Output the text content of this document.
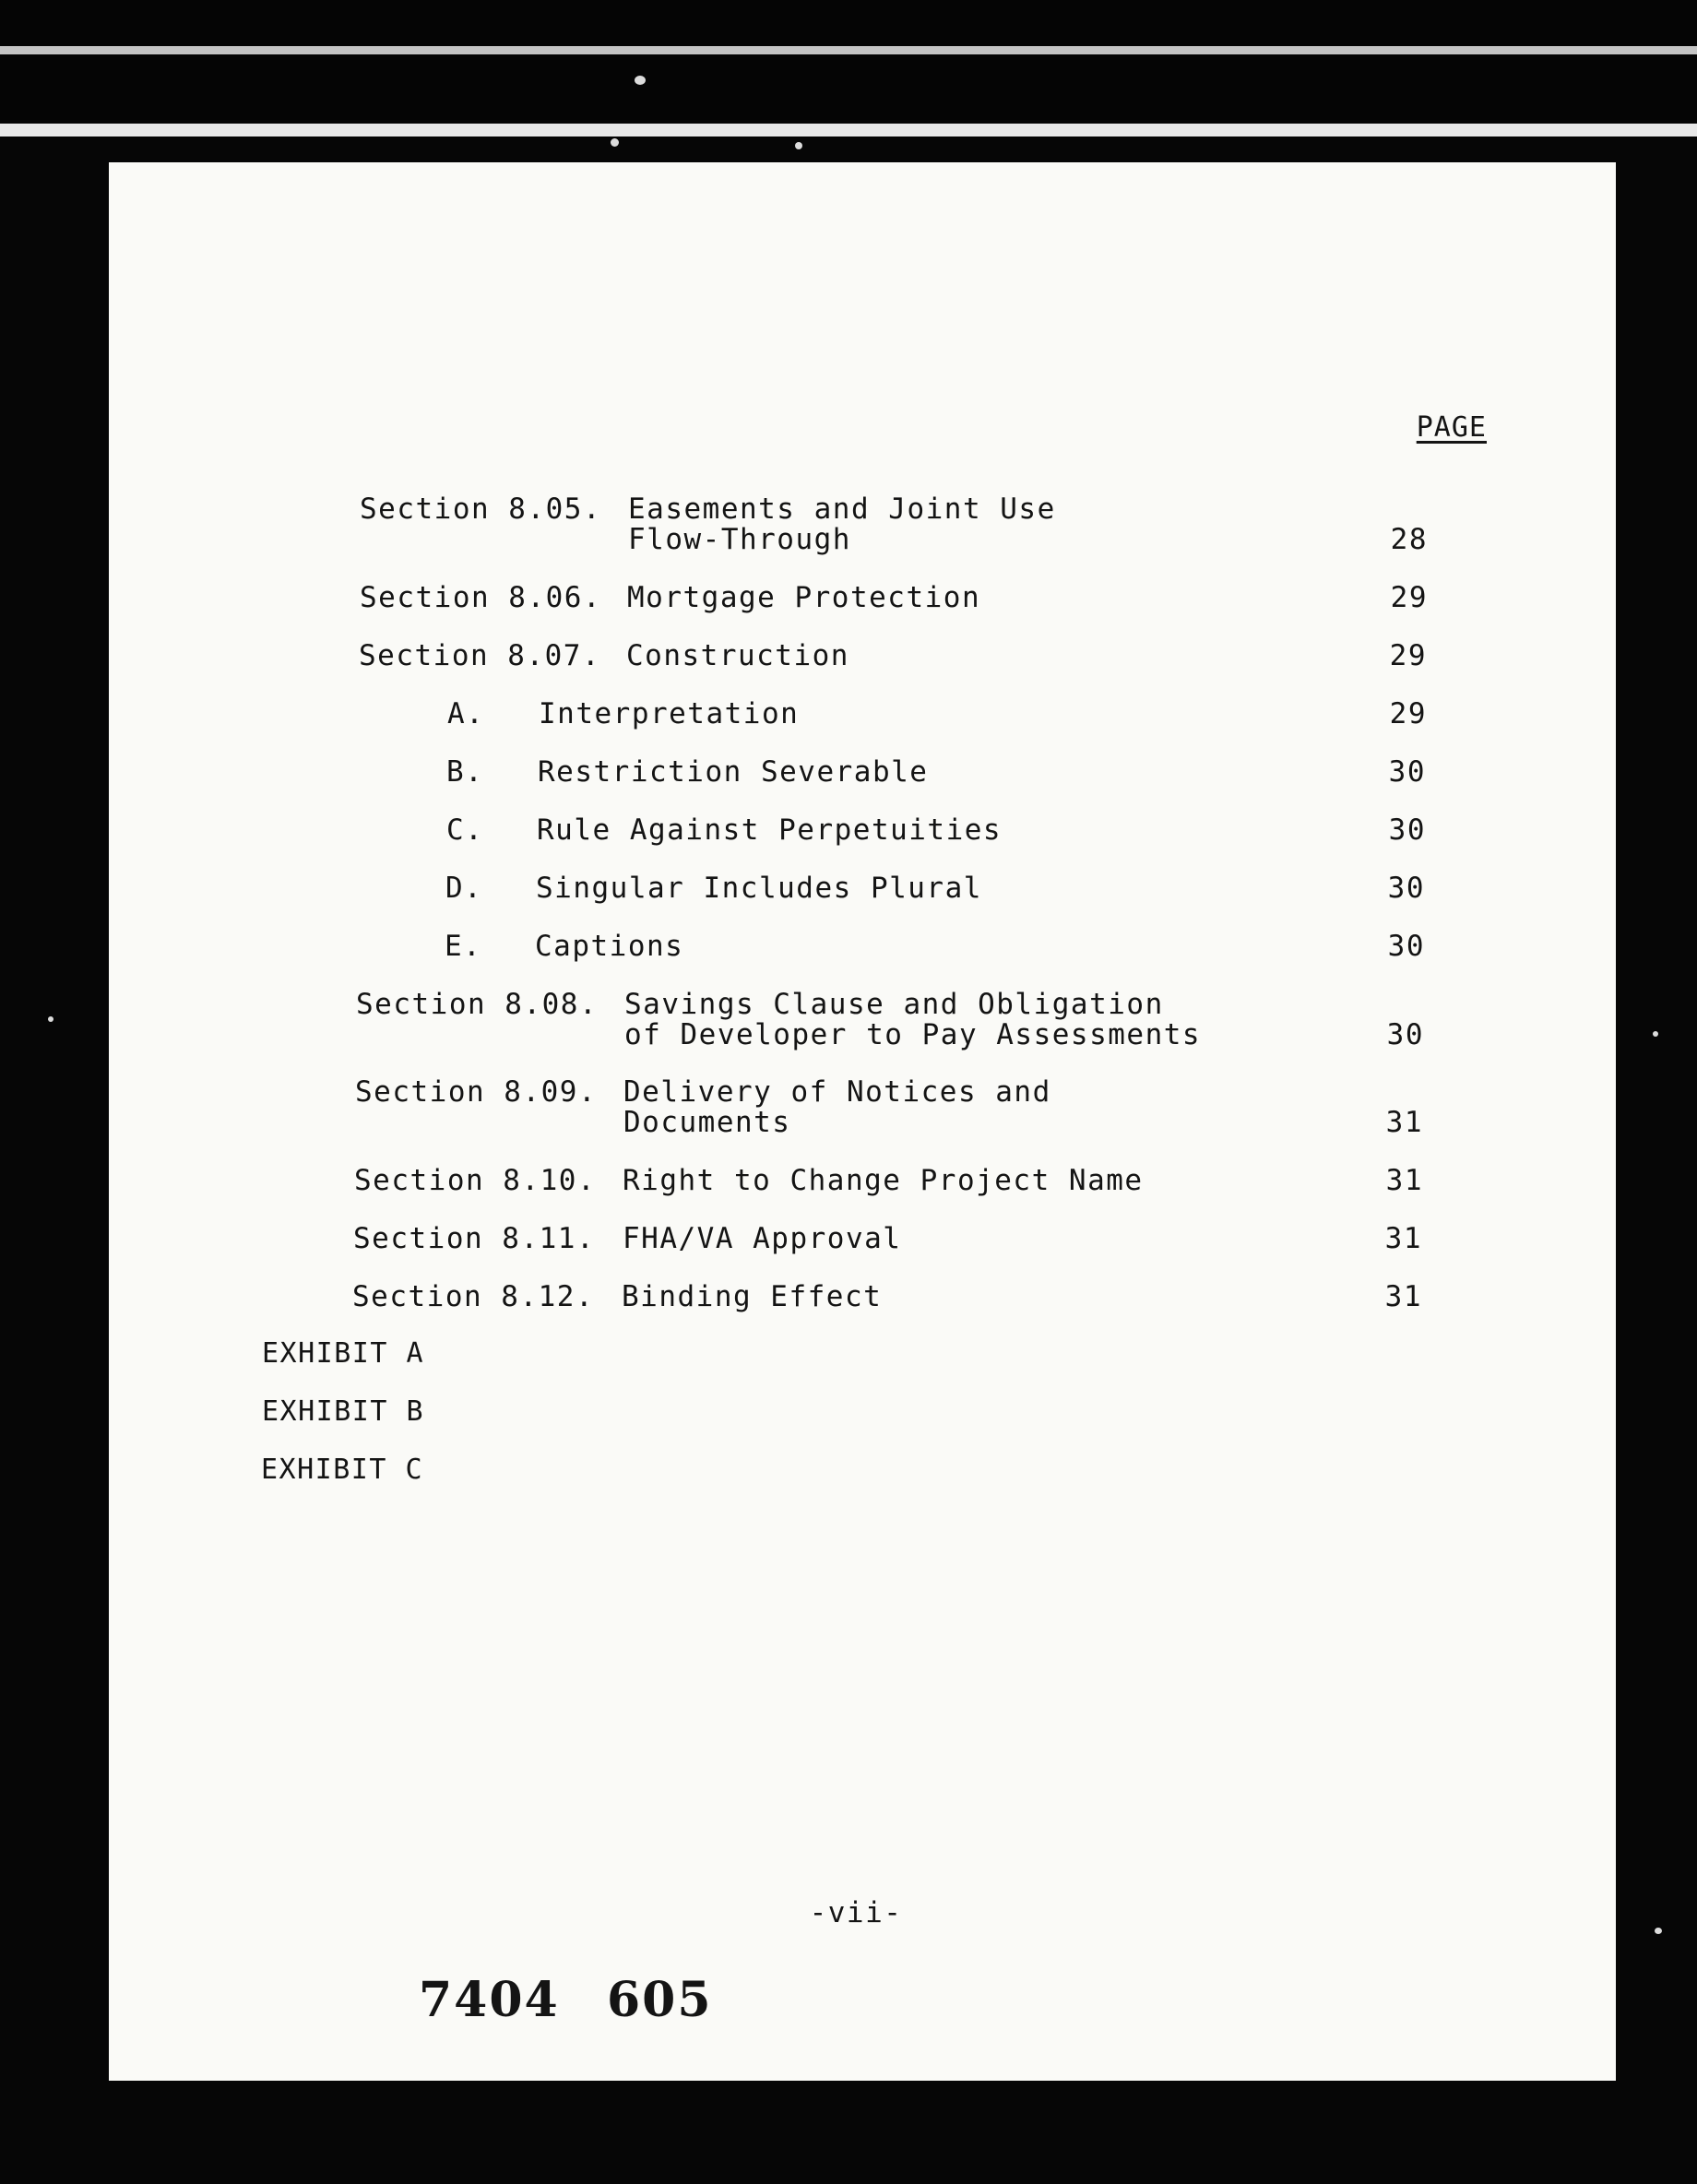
PAGE
Section 8.05. Easements and Joint Use Flow-Through	28
Section 8.06. Mortgage Protection	29
Section 8.07. Construction	29
A. Interpretation	29
B. Restriction Severable	30
C. Rule Against Perpetuities	30
D. Singular Includes Plural	30
E. Captions	30
Section 8.08. Savings Clause and Obligation of Developer to Pay Assessments	30
Section 8.09. Delivery of Notices and Documents	31
Section 8.10. Right to Change Project Name	31
Section 8.11. FHA/VA Approval	31
Section 8.12. Binding Effect	31
EXHIBIT A
EXHIBIT B
EXHIBIT C
-vii-
7404 605
